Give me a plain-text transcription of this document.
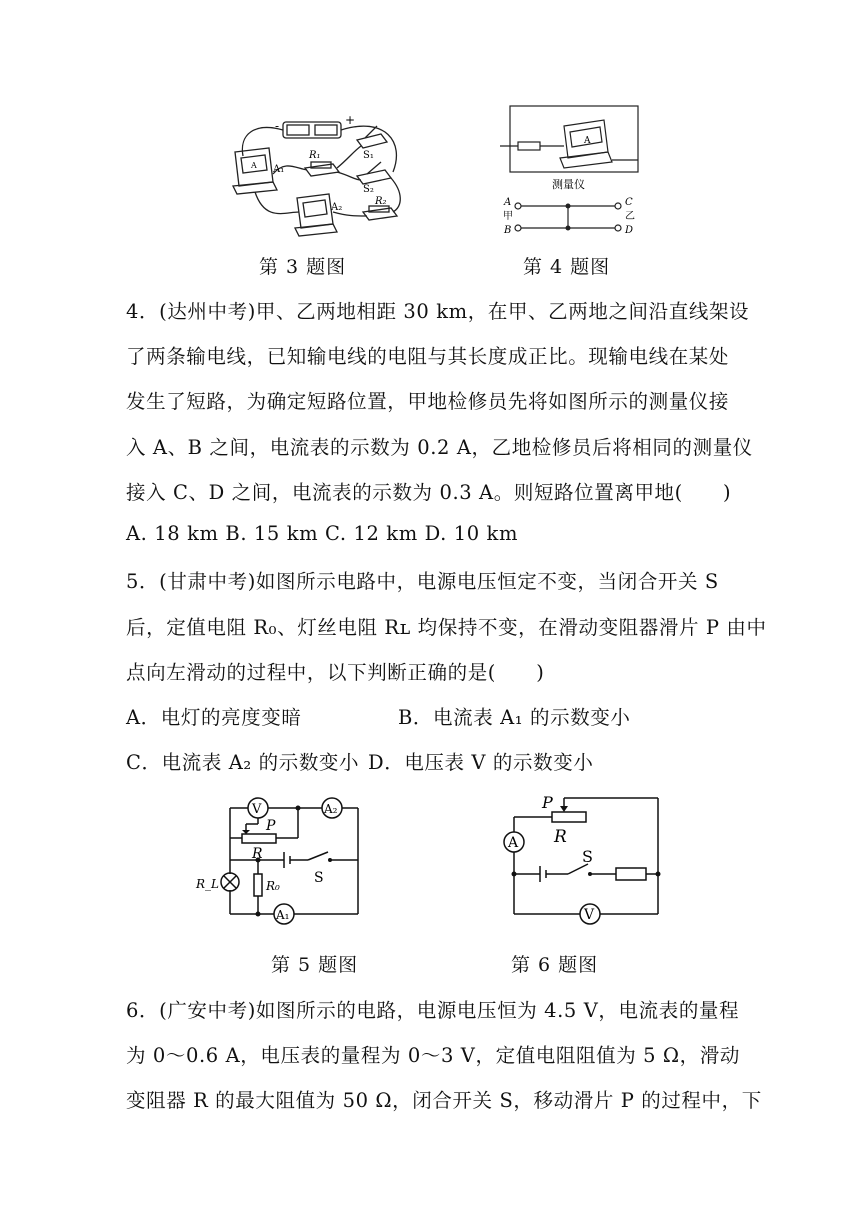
-	+
S₁
R₁
A₁
A
S₂
A₂
R₂
第 3 题图
A
测量仪
A
甲
B
C
乙
D
第 4 题图
4．(达州中考)甲、乙两地相距 30 km，在甲、乙两地之间沿直线架设
了两条输电线，已知输电线的电阻与其长度成正比。现输电线在某处
发生了短路，为确定短路位置，甲地检修员先将如图所示的测量仪接
入 A、B 之间，电流表的示数为 0.2 A，乙地检修员后将相同的测量仪
接入 C、D 之间，电流表的示数为 0.3 A。则短路位置离甲地(　　)
A. 18 km B. 15 km C. 12 km D. 10 km
5．(甘肃中考)如图所示电路中，电源电压恒定不变，当闭合开关 S
后，定值电阻 R₀、灯丝电阻 Rʟ 均保持不变，在滑动变阻器滑片 P 由中
点向左滑动的过程中，以下判断正确的是(　　)
A．电灯的亮度变暗	B．电流表 A₁ 的示数变小
C．电流表 A₂ 的示数变小 D．电压表 V 的示数变小
V	A₂
P
R
S
R_L	R₀
A₁
第 5 题图
P
R
A
S
V
第 6 题图
6．(广安中考)如图所示的电路，电源电压恒为 4.5 V，电流表的量程
为 0～0.6 A，电压表的量程为 0～3 V，定值电阻阻值为 5 Ω，滑动
变阻器 R 的最大阻值为 50 Ω，闭合开关 S，移动滑片 P 的过程中，下
